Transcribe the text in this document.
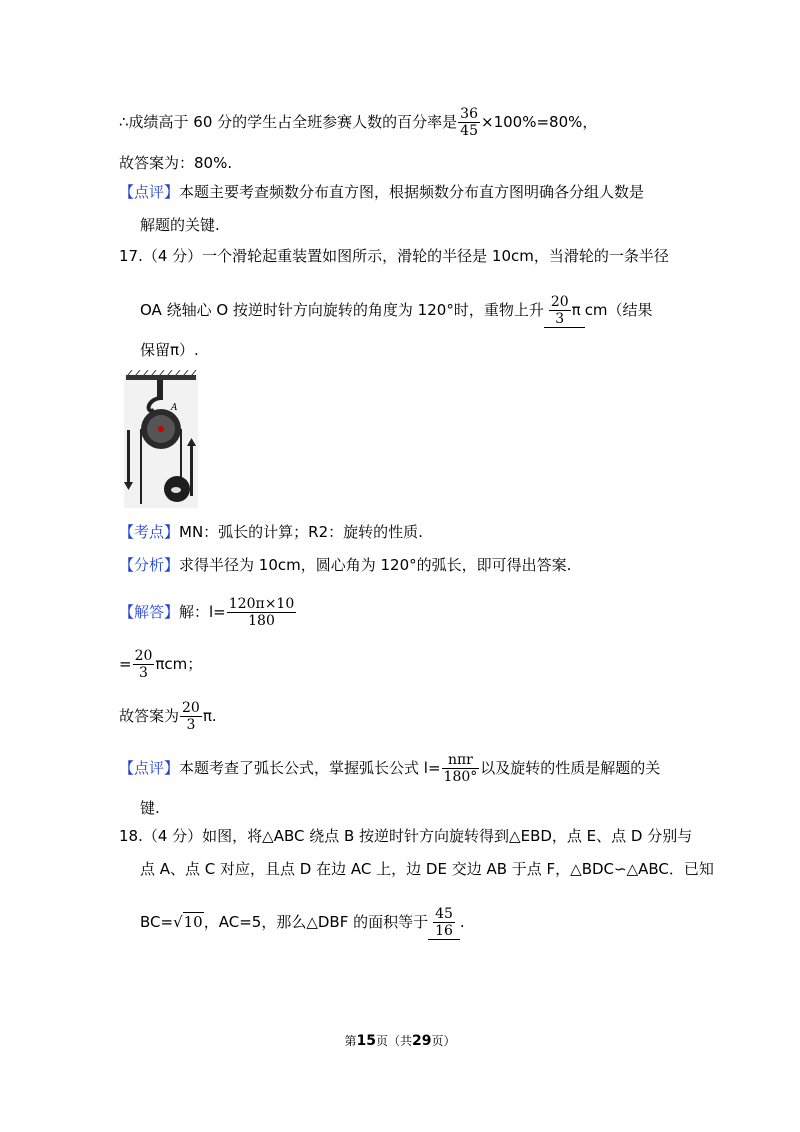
∴成绩高于 60 分的学生占全班参赛人数的百分率是 $\frac{36}{45} \times 100\%=80\%$，
故答案为：80%.
【点评】本题主要考查频数分布直方图，根据频数分布直方图明确各分组人数是
解题的关键.
17.（4 分）一个滑轮起重装置如图所示，滑轮的半径是 10cm，当滑轮的一条半径
OA 绕轴心 O 按逆时针方向旋转的角度为 120°时，重物上升 $\frac{20}{3}$ π cm（结果
保留π）.
A
【考点】MN：弧长的计算；R2：旋转的性质.
【分析】求得半径为 10cm，圆心角为 120°的弧长，即可得出答案.
【解答】解：$l= \frac{120\pi\times 10}{180}$
= $\frac{20}{3}$ πcm；
故答案为 $\frac{20}{3} \pi$.
【点评】本题考查了弧长公式，掌握弧长公式 $l= \frac{\text{nπr}}{180^\circ}$ 以及旋转的性质是解题的关
键.
18.（4 分）如图，将△ABC 绕点 B 按逆时针方向旋转得到△EBD，点 E、点 D 分别与
点 A、点 C 对应，且点 D 在边 AC 上，边 DE 交边 AB 于点 F，△BDC∽△ABC．已知
BC=√10，AC=5，那么△DBF 的面积等于 $\frac{45}{16}$ .
第15页（共29页）
